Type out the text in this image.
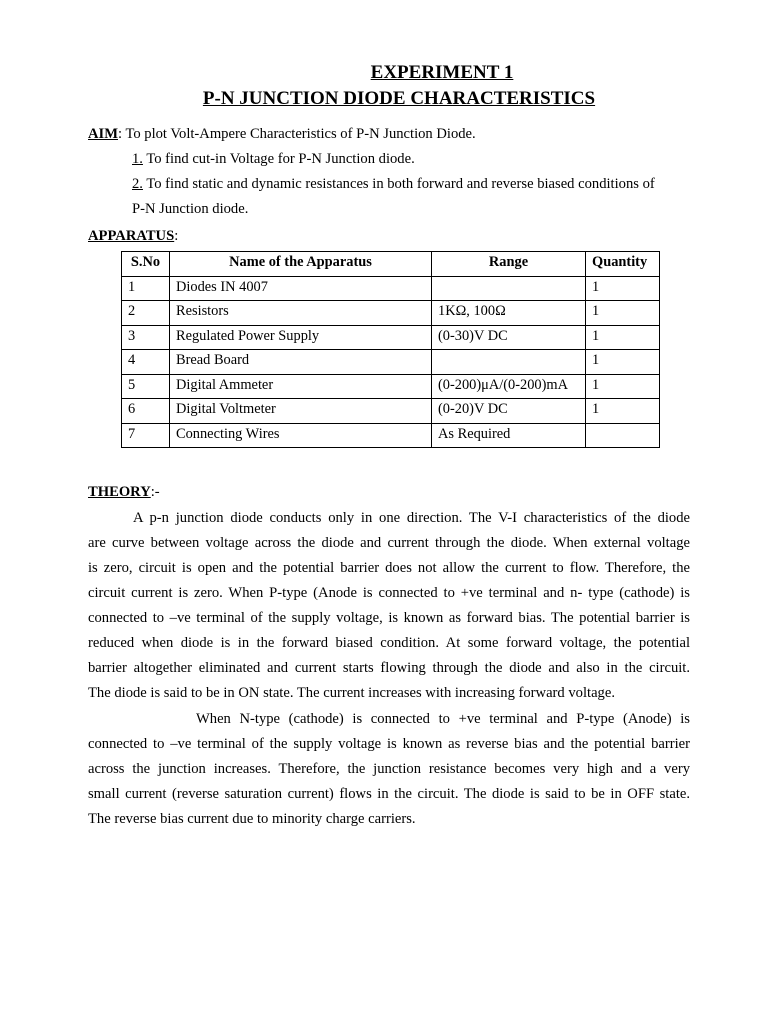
EXPERIMENT 1
P-N JUNCTION DIODE CHARACTERISTICS
AIM: To plot Volt-Ampere Characteristics of P-N Junction Diode.
1. To find cut-in Voltage for P-N Junction diode.
2. To find static and dynamic resistances in both forward and reverse biased conditions of
P-N Junction diode.
APPARATUS:
S.No	Name of the Apparatus	Range	Quantity
1	Diodes IN 4007		1
2	Resistors	1KΩ, 100Ω	1
3	Regulated Power Supply	(0-30)V DC	1
4	Bread Board		1
5	Digital Ammeter	(0-200)μA/(0-200)mA	1
6	Digital Voltmeter	(0-20)V DC	1
7	Connecting Wires	As Required	
THEORY:-
A p-n junction diode conducts only in one direction. The V-I characteristics of the diode
are curve between voltage across the diode and current through the diode. When external voltage
is zero, circuit is open and the potential barrier does not allow the current to flow. Therefore, the
circuit current is zero. When P-type (Anode is connected to +ve terminal and n- type (cathode) is
connected to –ve terminal of the supply voltage, is known as forward bias. The potential barrier is
reduced when diode is in the forward biased condition. At some forward voltage, the potential
barrier altogether eliminated and current starts flowing through the diode and also in the circuit.
The diode is said to be in ON state. The current increases with increasing forward voltage.
When N-type (cathode) is connected to +ve terminal and P-type (Anode) is
connected to –ve terminal of the supply voltage is known as reverse bias and the potential barrier
across the junction increases. Therefore, the junction resistance becomes very high and a very
small current (reverse saturation current) flows in the circuit. The diode is said to be in OFF state.
The reverse bias current due to minority charge carriers.
